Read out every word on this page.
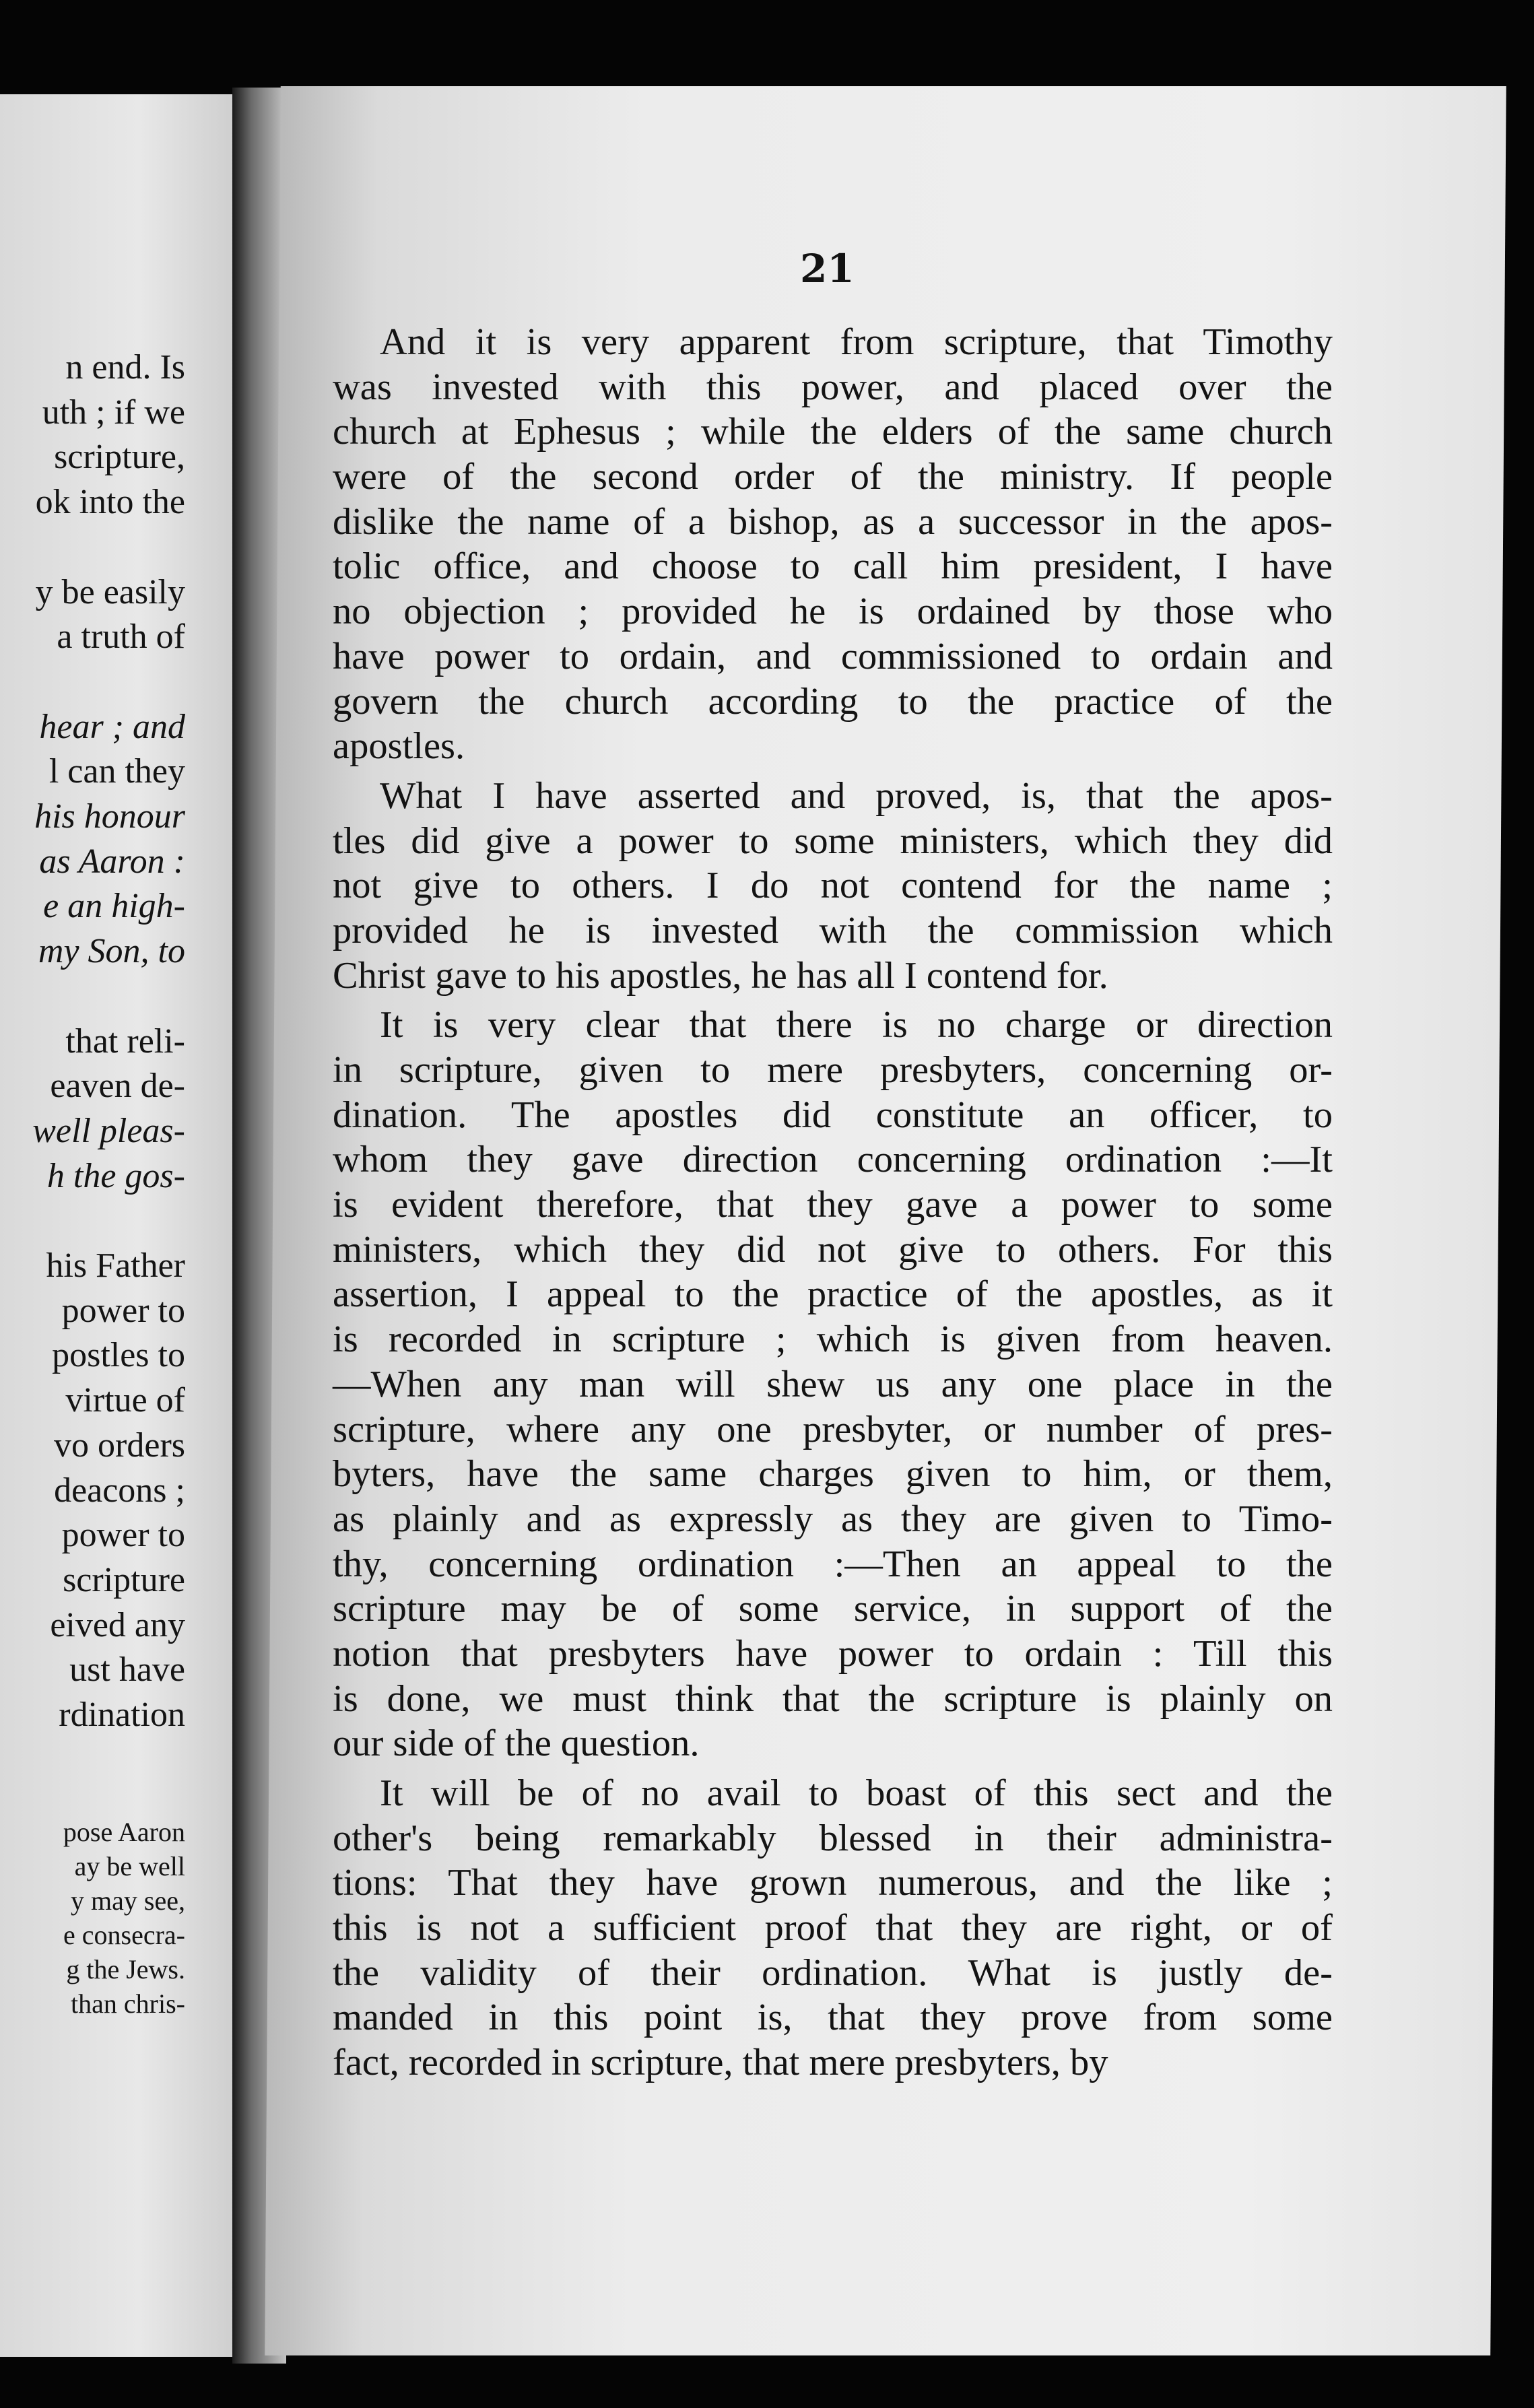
n end. Is
uth ; if we
scripture,
ok into the
y be easily
a truth of
hear ; and
l can they
his honour
as Aaron :
e an high-
my Son, to
that reli-
eaven de-
well pleas-
h the gos-
his Father
power to
postles to
virtue of
vo orders
deacons ;
power to
scripture
eived any
ust have
rdination
pose Aaron
ay be well
y may see,
e consecra-
g the Jews.
than chris-
21
And it is very apparent from scripture, that Timothy
was invested with this power, and placed over the
church at Ephesus ; while the elders of the same church
were of the second order of the ministry. If people
dislike the name of a bishop, as a successor in the apos-
tolic office, and choose to call him president, I have
no objection ; provided he is ordained by those who
have power to ordain, and commissioned to ordain and
govern the church according to the practice of the
apostles.
What I have asserted and proved, is, that the apos-
tles did give a power to some ministers, which they did
not give to others. I do not contend for the name ;
provided he is invested with the commission which
Christ gave to his apostles, he has all I contend for.
It is very clear that there is no charge or direction
in scripture, given to mere presbyters, concerning or-
dination. The apostles did constitute an officer, to
whom they gave direction concerning ordination :—It
is evident therefore, that they gave a power to some
ministers, which they did not give to others. For this
assertion, I appeal to the practice of the apostles, as it
is recorded in scripture ; which is given from heaven.
—When any man will shew us any one place in the
scripture, where any one presbyter, or number of pres-
byters, have the same charges given to him, or them,
as plainly and as expressly as they are given to Timo-
thy, concerning ordination :—Then an appeal to the
scripture may be of some service, in support of the
notion that presbyters have power to ordain : Till this
is done, we must think that the scripture is plainly on
our side of the question.
It will be of no avail to boast of this sect and the
other's being remarkably blessed in their administra-
tions: That they have grown numerous, and the like ;
this is not a sufficient proof that they are right, or of
the validity of their ordination. What is justly de-
manded in this point is, that they prove from some
fact, recorded in scripture, that mere presbyters, by
